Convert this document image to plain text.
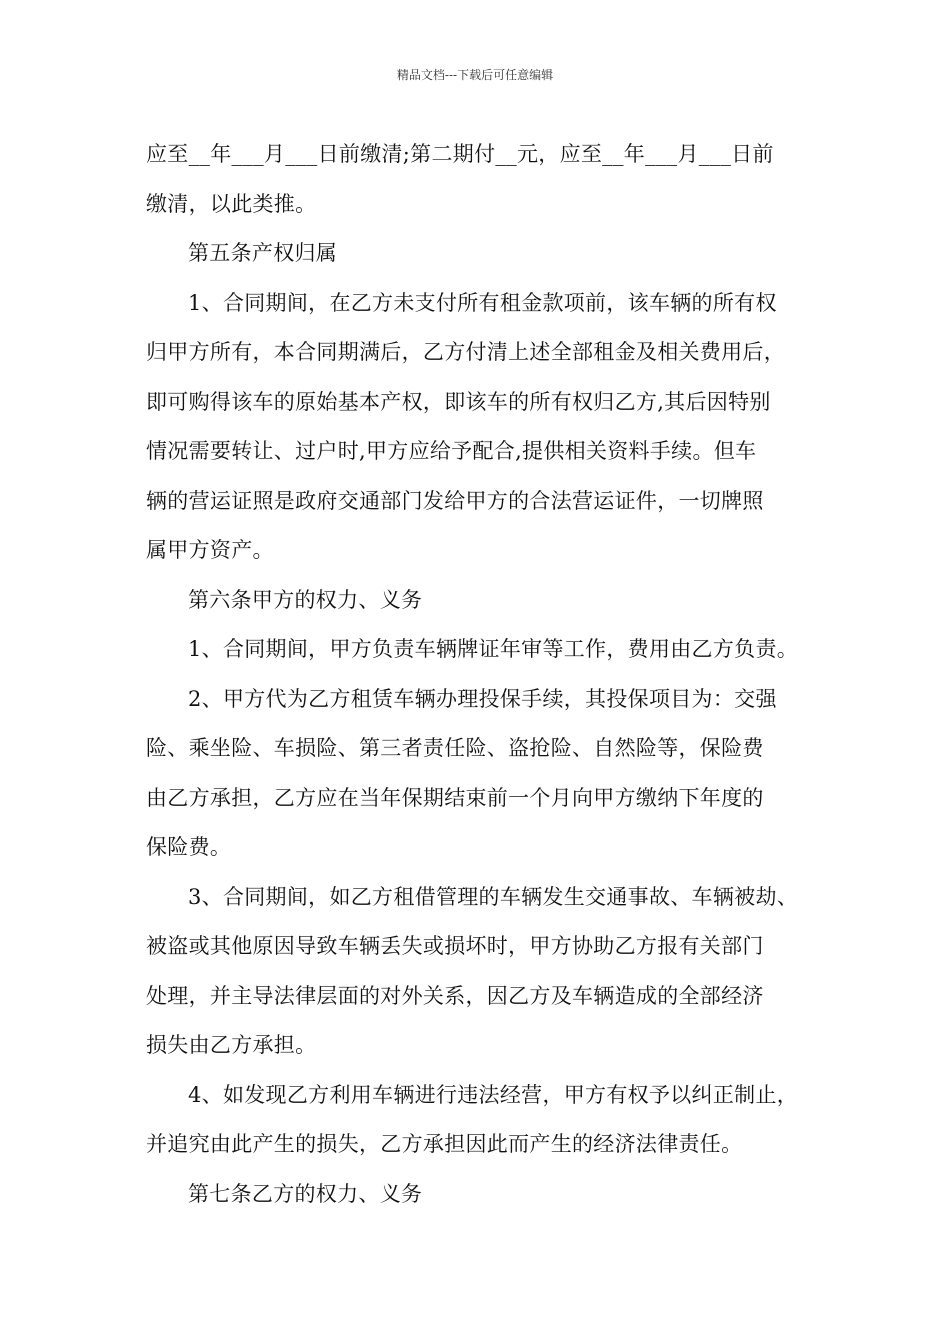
精品文档---下载后可任意编辑
应至__年___月___日前缴清;第二期付__元，应至__年___月___日前
缴清，以此类推。
第五条产权归属
1、合同期间，在乙方未支付所有租金款项前，该车辆的所有权
归甲方所有，本合同期满后，乙方付清上述全部租金及相关费用后，
即可购得该车的原始基本产权，即该车的所有权归乙方,其后因特别
情况需要转让、过户时,甲方应给予配合,提供相关资料手续。但车
辆的营运证照是政府交通部门发给甲方的合法营运证件，一切牌照
属甲方资产。
第六条甲方的权力、义务
1、合同期间，甲方负责车辆牌证年审等工作，费用由乙方负责。
2、甲方代为乙方租赁车辆办理投保手续，其投保项目为：交强
险、乘坐险、车损险、第三者责任险、盗抢险、自然险等，保险费
由乙方承担，乙方应在当年保期结束前一个月向甲方缴纳下年度的
保险费。
3、合同期间，如乙方租借管理的车辆发生交通事故、车辆被劫、
被盗或其他原因导致车辆丢失或损坏时，甲方协助乙方报有关部门
处理，并主导法律层面的对外关系，因乙方及车辆造成的全部经济
损失由乙方承担。
4、如发现乙方利用车辆进行违法经营，甲方有权予以纠正制止，
并追究由此产生的损失，乙方承担因此而产生的经济法律责任。
第七条乙方的权力、义务
